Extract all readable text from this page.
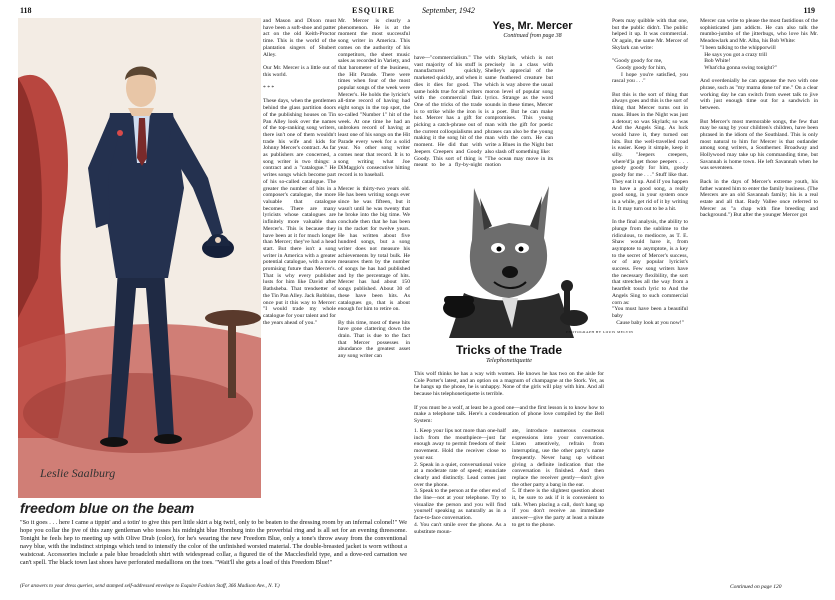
118	ESQUIRE	September, 1942	119
Leslie Saalburg
freedom blue on the beam
"So it goes . . . here I came a tippin' and a totin' to give this pert little skirt a big twirl, only to be beaten to the dressing room by an infernal colonel!" We hope you collar the jive of this zany gentleman who tosses his midnight blue Homburg into the proverbial ring and is all set for an evening threesome. Tonight he feels hep to meeting up with Olive Drab (color), for he's wearing the new Freedom Blue, only a tone's throw away from the conventional navy blue, with the indistinct stripings which tend to intensify the color of the unfinished worsted material. The double-breasted jacket is worn without a waistcoat. Accessories include a pale blue broadcloth shirt with widespread collar, a figured tie of the Macclesfield type, and a dove-red carnation we can't spell. The black town last shoes have perforated medallions on the toes. "Wait'll she gets a load of this Freedom Blue!"
(For answers to your dress queries, send stamped self-addressed envelope to Esquire Fashion Staff, 366 Madison Ave., N. Y.)
and Mason and Dixon must have been a soft-shoe and patter act on the old Keith-Proctor time. This is the world of the plantation singers of Shubert Alley.

Our Mr. Mercer is a little out of this world.

* * *

These days, when the gentlemen behind the glass partition doors of the publishing houses on Tin Pan Alley look over the names of the top-ranking song writers, there isn't one of them wouldn't trade his wife and kids for Johnny Mercer's contract. As far as publishers are concerned, a song writer is two things: a contract and a "catalogue." He writes songs which become part of his so-called catalogue. The greater the number of hits in a composer's catalogue, the more valuable that catalogue becomes. There are many lyricists whose catalogues are infinitely more valuable than Mercer's. This is because they have been at it for much longer than Mercer; they've had a head start. But there isn't a song writer in America with a greater potential catalogue, with a more promising future than Mercer's. That is why every publisher lusts for him like David after Bathsheba. That trendsetter of the Tin Pan Alley. Jack Robbins, once put it this way to Mercer: "I would trade my whole catalogue for your talent and for the years ahead of you."
Mr. Mercer is clearly a phenomenon. He is at the moment the most successful song writer in America. This comes on the authority of his competitors, the sheet music sales as recorded in Variety, and that barometer of the business, the Hit Parade. There were times when four of the most popular songs of the week were Mercer's. He holds the lyricist's all-time record of having had eight songs in the top spot, the so-called "Number 1" hit of the week. At one time he had an unbroken record of having at least one of his songs on the Hit Parade every week for a solid year. No other song writer comes near that record. It is to song writing what Joe DiMaggio's consecutive hitting record is to baseball.

Mercer is thirty-two years old. He has been writing songs ever since he was fifteen, but it wasn't until he was twenty that he broke into the big time. We conclude then that he has been in the racket for twelve years. He has written about five hundred songs, but a song writer does not measure his achievements by total bulk. He measures them by the number of songs he has had published and by the percentage of hits. Mercer has had about 150 songs published. About 30 of these have been hits. As catalogues go, that is about enough for him to retire on.

By this time, most of these hits have gone clattering down the drain. That is due to the fact that Mercer possesses in abundance the greatest asset any song writer can
Yes, Mr. Mercer
Continued from page 38
have—"commercialism." The vast majority of his stuff is manufactured quickly, marketed quickly, and when it dies it dies for good. The same holds true for all writers with the commercial flair. One of the tricks of the trade is to strike while the iron is hot. Mercer has a gift for picking a catch-phrase out of the current colloquialisms and making it the song hit of the moment. He did that with Jeepers Creepers and Goody Goody. This sort of thing is meant to be a fly-by-night

with Skylark, which is not precisely in a class with Shelley's apprecial of the same feathered creature but which is way above the usual moron level of popular song lyrics. Strange as the word sounds in these times, Mercer is a poet. But he can make compromises. This young man with the gift for poetic phrases can also be the young man with the corn. He can write a Blues in the Night but also slash off something like:
"The ocean may move in its motion

PHOTOGRAPH BY LOUIS MELVIN
Tricks of the Trade
Telephonetiquette
This wolf thinks he has a way with women. He knows he has two on the aisle for Cole Porter's latest, and an option on a magnum of champagne at the Stork. Yet, as he hangs up the phone, he is unhappy. None of the girls will play with him. And all because his telephonetiquette is terrible.

If you must be a wolf, at least be a good one—and the first lesson is to know how to make a telephone talk. Here's a condensation of phone love compiled by the Bell System:
1. Keep your lips not more than one-half inch from the mouthpiece—just far enough away to permit freedom of their movement. Hold the receiver close to your ear.
2. Speak in a quiet, conversational voice at a moderate rate of speed; enunciate clearly and distinctly. Lead comes just over the phone.
3. Speak to the person at the other end of the line—not at your telephone. Try to visualize the person and you will find yourself speaking as naturally as in a face-to-face conversation.
4. You can't smile over the phone. As a substitute moun-
ate, introduce numerous courteous expressions into your conversation. Listen attentively, refrain from interrupting, use the other party's name frequently. Never hang up without giving a definite indication that the conversation is finished. And then replace the receiver gently—don't give the other party a bang in the ear.
5. If there is the slightest question about it, be sure to ask if it is convenient to talk. When placing a call, don't hang up if you don't receive an immediate answer—give the party at least a minute to get to the phone.
Poets may quibble with that one, but the public didn't. The public helped it up. It was commercial. Or again, the same Mr. Mercer of Skylark can write:

"Goody goody for me,
Goody goody for him,
I hope you're satisfied, you rascal you . . ."

But this is the sort of thing that always goes and this is the sort of thing that Mercer turns out in mass. Blues in the Night was just a detour; so was Skylark; so was And the Angels Sing. As luck would have it, they turned out hits. But the well-travelled road is easier. Keep it simple, keep it silly. "Jeepers creepers, where'd'ja get those peepers . . . goody goody for him, goody goody for me . . ." Stuff like that. They eat it up. And if you happen to have a good song, a really good song, in your system once in a while, get rid of it by writing it. It may turn out to be a hit.

In the final analysis, the ability to plunge from the sublime to the ridiculous, to mediocre, as T. E. Shaw would have it, from asymptote to asymptote, is a key to the secret of Mercer's success, or of any popular lyricist's success. Few song writers have the necessary flexibility, the sort that stretches all the way from a heartfelt touch lyric to And the Angels Sing to such commercial corn as:
"You must have been a beautiful baby
Cause baby look at you now!"
Mercer can write to please the most fastidious of the sophisticated jam addicts. He can also talk the mumbo-jumbo of the jitterbugs, who love his Mr. Meadowlark and Mr. Alba, his Bob White:
"I been talking to the whipporwill
He says you got a crazy trill
Bob White!
What'cha gonna swing tonight?"

And overdenially he can appease the two with one phrase, such as "my mama done tol' me." On a clear working day he can switch from sweet talk to jive with just enough time out for a sandwich in between.

But Mercer's most memorable songs, the few that may be sung by your children's children, have been phrased in the idiom of the Southland. This is only most natural to him for Mercer is that outlander among song writers, a Southerner. Broadway and Hollywood may take up his commanding time, but Savannah is home town. He left Savannah when he was seventeen.

Back in the days of Mercer's extreme youth, his father wanted him to enter the family business. (The Mercers are an old Savannah family; his is a real estate and all that. Rudy Vallee once referred to Mercer as "a chap with fine breeding and background.") But after the younger Mercer got
Continued on page 120
